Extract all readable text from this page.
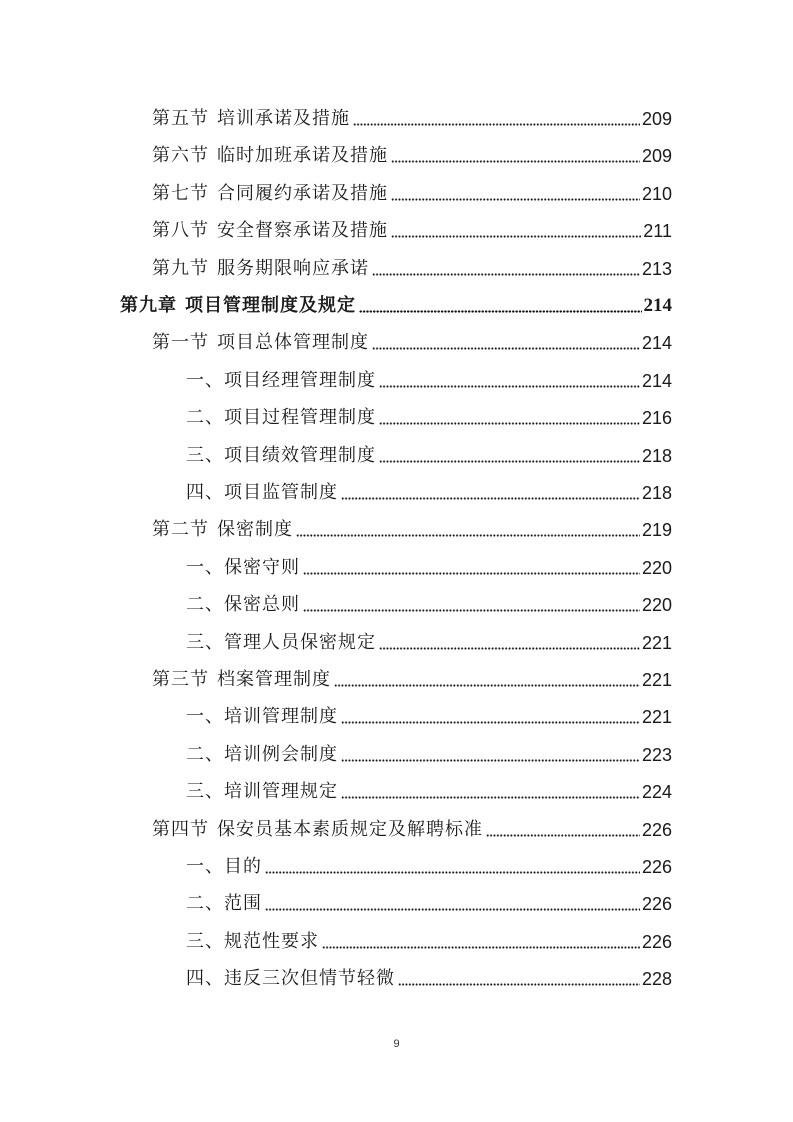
第五节 培训承诺及措施	209
第六节 临时加班承诺及措施	209
第七节 合同履约承诺及措施	210
第八节 安全督察承诺及措施	211
第九节 服务期限响应承诺	213
第九章 项目管理制度及规定	214
第一节 项目总体管理制度	214
一、 项目经理管理制度	214
二、 项目过程管理制度	216
三、 项目绩效管理制度	218
四、 项目监管制度	218
第二节 保密制度	219
一、 保密守则	220
二、 保密总则	220
三、 管理人员保密规定	221
第三节 档案管理制度	221
一、 培训管理制度	221
二、 培训例会制度	223
三、 培训管理规定	224
第四节 保安员基本素质规定及解聘标准	226
一、 目的	226
二、 范围	226
三、 规范性要求	226
四、 违反三次但情节轻微	228
9
